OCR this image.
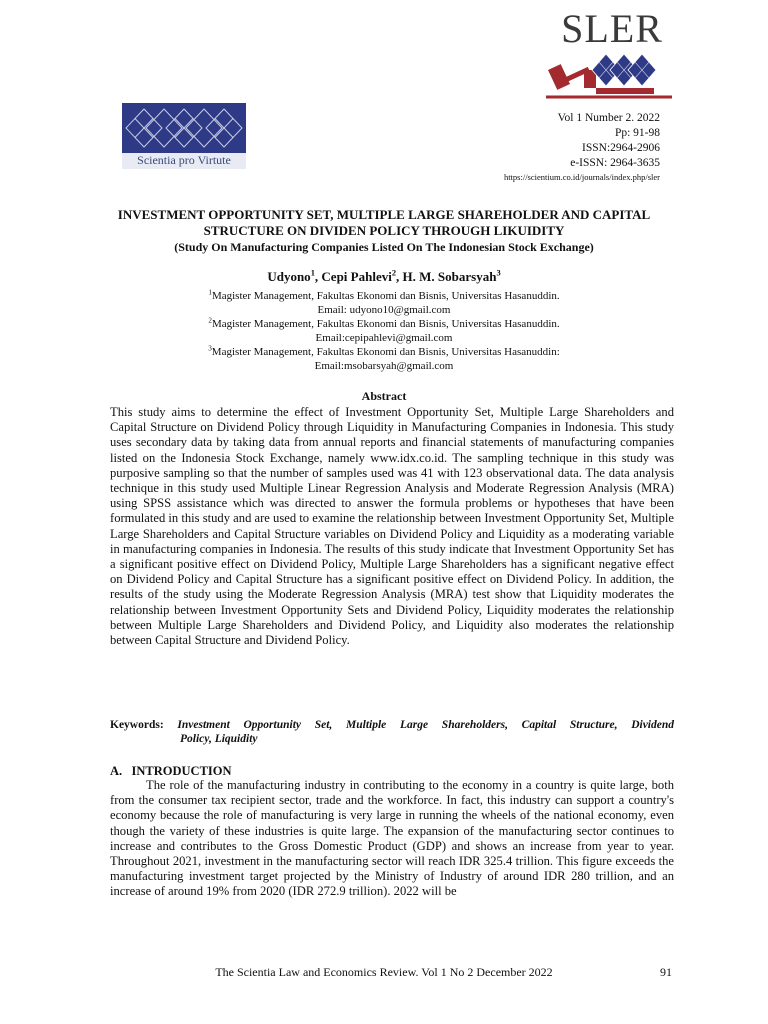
Scientia pro Virtute
SLER
Vol 1 Number 2. 2022
Pp: 91-98
ISSN:2964-2906
e-ISSN: 2964-3635
https://scientium.co.id/journals/index.php/sler
INVESTMENT OPPORTUNITY SET, MULTIPLE LARGE SHAREHOLDER AND CAPITAL
STRUCTURE ON DIVIDEN POLICY THROUGH LIKUIDITY
(Study On Manufacturing Companies Listed On The Indonesian Stock Exchange)
Udyono$^1$, Cepi Pahlevi$^2$, H. M. Sobarsyah$^3$
$^1$Magister Management, Fakultas Ekonomi dan Bisnis, Universitas Hasanuddin.
Email: udyono10@gmail.com
$^2$Magister Management, Fakultas Ekonomi dan Bisnis, Universitas Hasanuddin.
Email:cepipahlevi@gmail.com
$^3$Magister Management, Fakultas Ekonomi dan Bisnis, Universitas Hasanuddin:
Email:msobarsyah@gmail.com
Abstract
This study aims to determine the effect of Investment Opportunity Set, Multiple Large Shareholders and Capital Structure on Dividend Policy through Liquidity in Manufacturing Companies in Indonesia. This study uses secondary data by taking data from annual reports and financial statements of manufacturing companies listed on the Indonesia Stock Exchange, namely www.idx.co.id. The sampling technique in this study was purposive sampling so that the number of samples used was 41 with 123 observational data. The data analysis technique in this study used Multiple Linear Regression Analysis and Moderate Regression Analysis (MRA) using SPSS assistance which was directed to answer the formula problems or hypotheses that have been formulated in this study and are used to examine the relationship between Investment Opportunity Set, Multiple Large Shareholders and Capital Structure variables on Dividend Policy and Liquidity as a moderating variable in manufacturing companies in Indonesia. The results of this study indicate that Investment Opportunity Set has a significant positive effect on Dividend Policy, Multiple Large Shareholders has a significant negative effect on Dividend Policy and Capital Structure has a significant positive effect on Dividend Policy. In addition, the results of the study using the Moderate Regression Analysis (MRA) test show that Liquidity moderates the relationship between Investment Opportunity Sets and Dividend Policy, Liquidity moderates the relationship between Multiple Large Shareholders and Dividend Policy, and Liquidity also moderates the relationship between Capital Structure and Dividend Policy.
Keywords: Investment Opportunity Set, Multiple Large Shareholders, Capital Structure, Dividend
Policy, Liquidity
A.   INTRODUCTION
The role of the manufacturing industry in contributing to the economy in a country is quite large, both from the consumer tax recipient sector, trade and the workforce. In fact, this industry can support a country's economy because the role of manufacturing is very large in running the wheels of the national economy, even though the variety of these industries is quite large. The expansion of the manufacturing sector continues to increase and contributes to the Gross Domestic Product (GDP) and shows an increase from year to year. Throughout 2021, investment in the manufacturing sector will reach IDR 325.4 trillion. This figure exceeds the manufacturing investment target projected by the Ministry of Industry of around IDR 280 trillion, and an increase of around 19% from 2020 (IDR 272.9 trillion). 2022 will be
The Scientia Law and Economics Review. Vol 1 No 2 December 2022	91
